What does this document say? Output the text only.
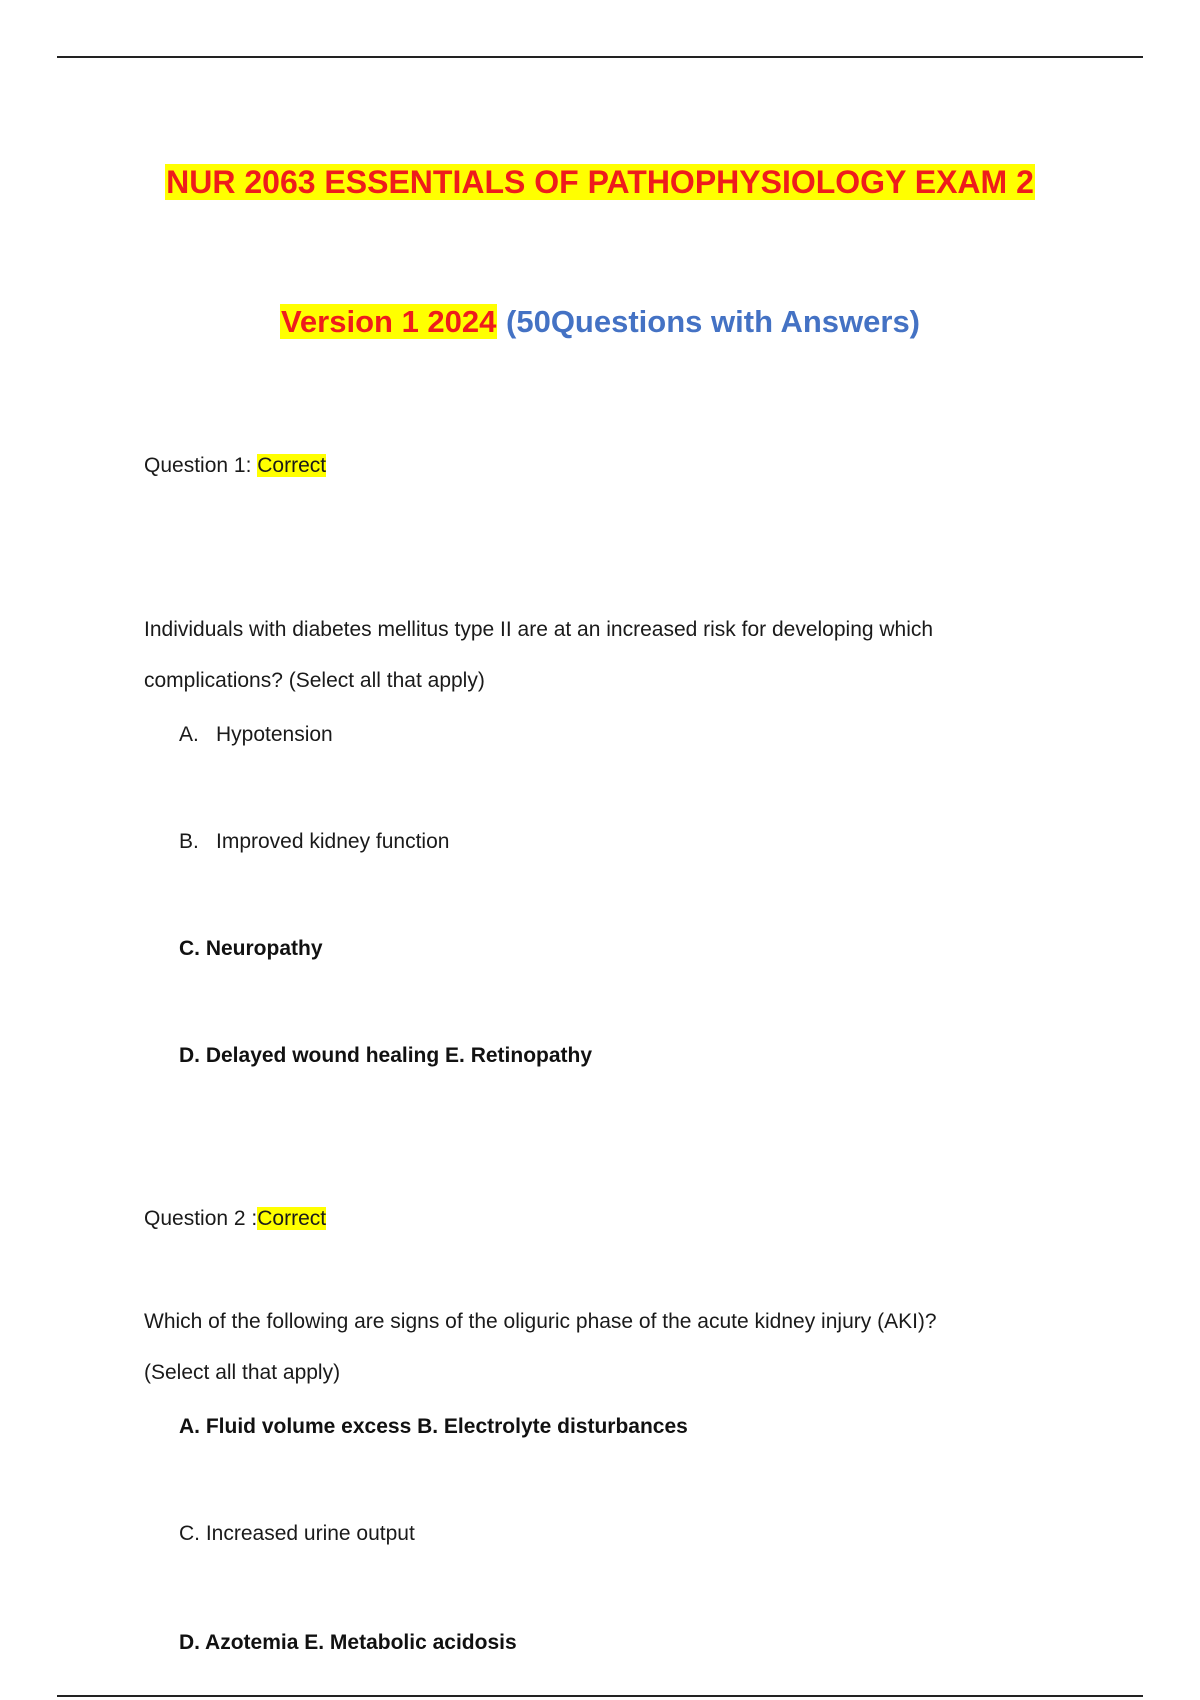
NUR 2063 ESSENTIALS OF PATHOPHYSIOLOGY EXAM 2
Version 1 2024 (50Questions with Answers)
Question 1: Correct
Individuals with diabetes mellitus type II are at an increased risk for developing which
complications? (Select all that apply)
A. Hypotension
B. Improved kidney function
C. Neuropathy
D. Delayed wound healing E. Retinopathy
Question 2 :Correct
Which of the following are signs of the oliguric phase of the acute kidney injury (AKI)?
(Select all that apply)
A. Fluid volume excess B. Electrolyte disturbances
C. Increased urine output
D. Azotemia E. Metabolic acidosis
